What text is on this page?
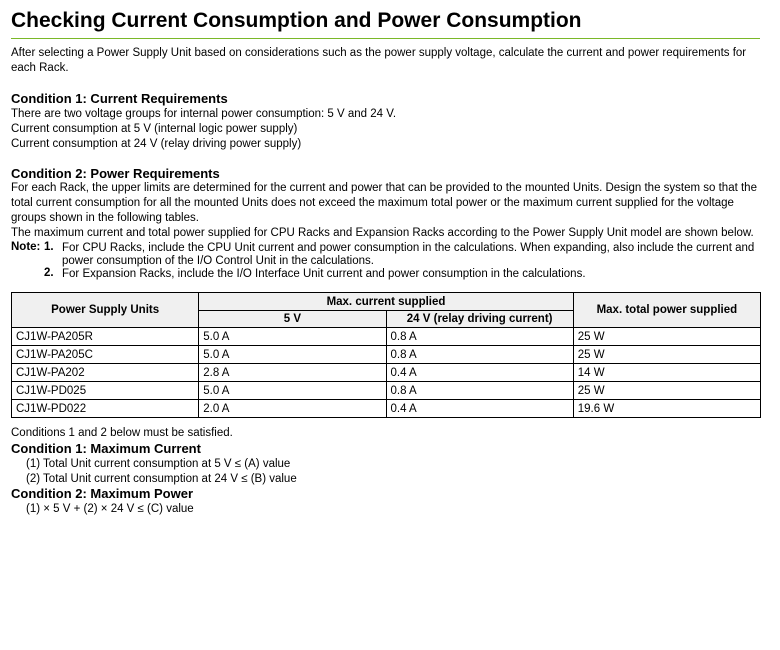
Checking Current Consumption and Power Consumption

After selecting a Power Supply Unit based on considerations such as the power supply voltage, calculate the current and power requirements for each Rack.

Condition 1: Current Requirements

There are two voltage groups for internal power consumption: 5 V and 24 V.

Current consumption at 5 V (internal logic power supply)

Current consumption at 24 V (relay driving power supply)

Condition 2: Power Requirements

For each Rack, the upper limits are determined for the current and power that can be provided to the mounted Units. Design the system so that the total current consumption for all the mounted Units does not exceed the maximum total power or the maximum current supplied for the voltage groups shown in the following tables.

The maximum current and total power supplied for CPU Racks and Expansion Racks according to the Power Supply Unit model are shown below.

Note: 1. For CPU Racks, include the CPU Unit current and power consumption in the calculations. When expanding, also include the current and power consumption of the I/O Control Unit in the calculations.

2. For Expansion Racks, include the I/O Interface Unit current and power consumption in the calculations.

Power Supply Units	Max. current supplied		Max. total power supplied
	5 V	24 V (relay driving current)	
CJ1W-PA205R	5.0 A	0.8 A	25 W
CJ1W-PA205C	5.0 A	0.8 A	25 W
CJ1W-PA202	2.8 A	0.4 A	14 W
CJ1W-PD025	5.0 A	0.8 A	25 W
CJ1W-PD022	2.0 A	0.4 A	19.6 W

Conditions 1 and 2 below must be satisfied.

Condition 1: Maximum Current

(1) Total Unit current consumption at 5 V ≤ (A) value

(2) Total Unit current consumption at 24 V ≤ (B) value

Condition 2: Maximum Power

(1) × 5 V + (2) × 24 V ≤ (C) value
